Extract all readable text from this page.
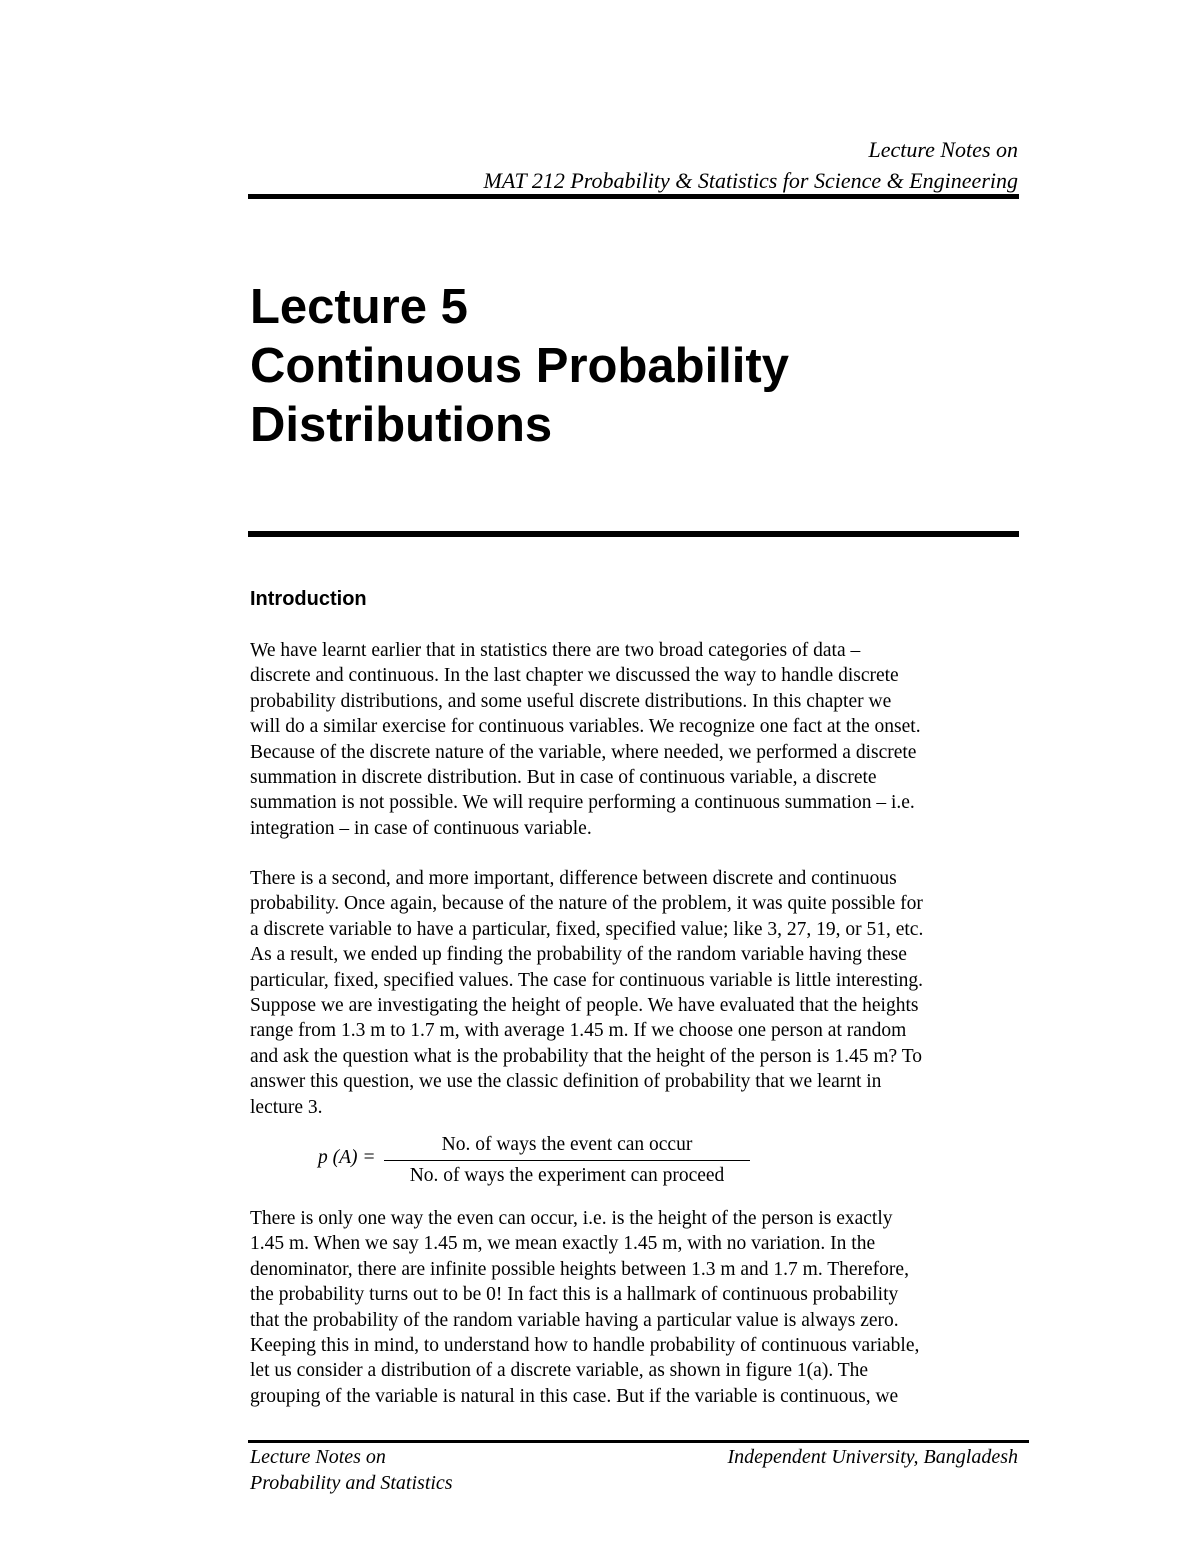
Lecture Notes on
MAT 212 Probability & Statistics for Science & Engineering
Lecture 5
Continuous Probability
Distributions
Introduction
We have learnt earlier that in statistics there are two broad categories of data –
discrete and continuous. In the last chapter we discussed the way to handle discrete
probability distributions, and some useful discrete distributions. In this chapter we
will do a similar exercise for continuous variables. We recognize one fact at the onset.
Because of the discrete nature of the variable, where needed, we performed a discrete
summation in discrete distribution. But in case of continuous variable, a discrete
summation is not possible. We will require performing a continuous summation – i.e.
integration – in case of continuous variable.
There is a second, and more important, difference between discrete and continuous
probability. Once again, because of the nature of the problem, it was quite possible for
a discrete variable to have a particular, fixed, specified value; like 3, 27, 19, or 51, etc.
As a result, we ended up finding the probability of the random variable having these
particular, fixed, specified values. The case for continuous variable is little interesting.
Suppose we are investigating the height of people. We have evaluated that the heights
range from 1.3 m to 1.7 m, with average 1.45 m. If we choose one person at random
and ask the question what is the probability that the height of the person is 1.45 m? To
answer this question, we use the classic definition of probability that we learnt in
lecture 3.
p (A) =
No. of ways the event can occur
No. of ways the experiment can proceed
There is only one way the even can occur, i.e. is the height of the person is exactly
1.45 m. When we say 1.45 m, we mean exactly 1.45 m, with no variation. In the
denominator, there are infinite possible heights between 1.3 m and 1.7 m. Therefore,
the probability turns out to be 0! In fact this is a hallmark of continuous probability
that the probability of the random variable having a particular value is always zero.
Keeping this in mind, to understand how to handle probability of continuous variable,
let us consider a distribution of a discrete variable, as shown in figure 1(a). The
grouping of the variable is natural in this case. But if the variable is continuous, we
Lecture Notes on
Probability and Statistics
Independent University, Bangladesh
